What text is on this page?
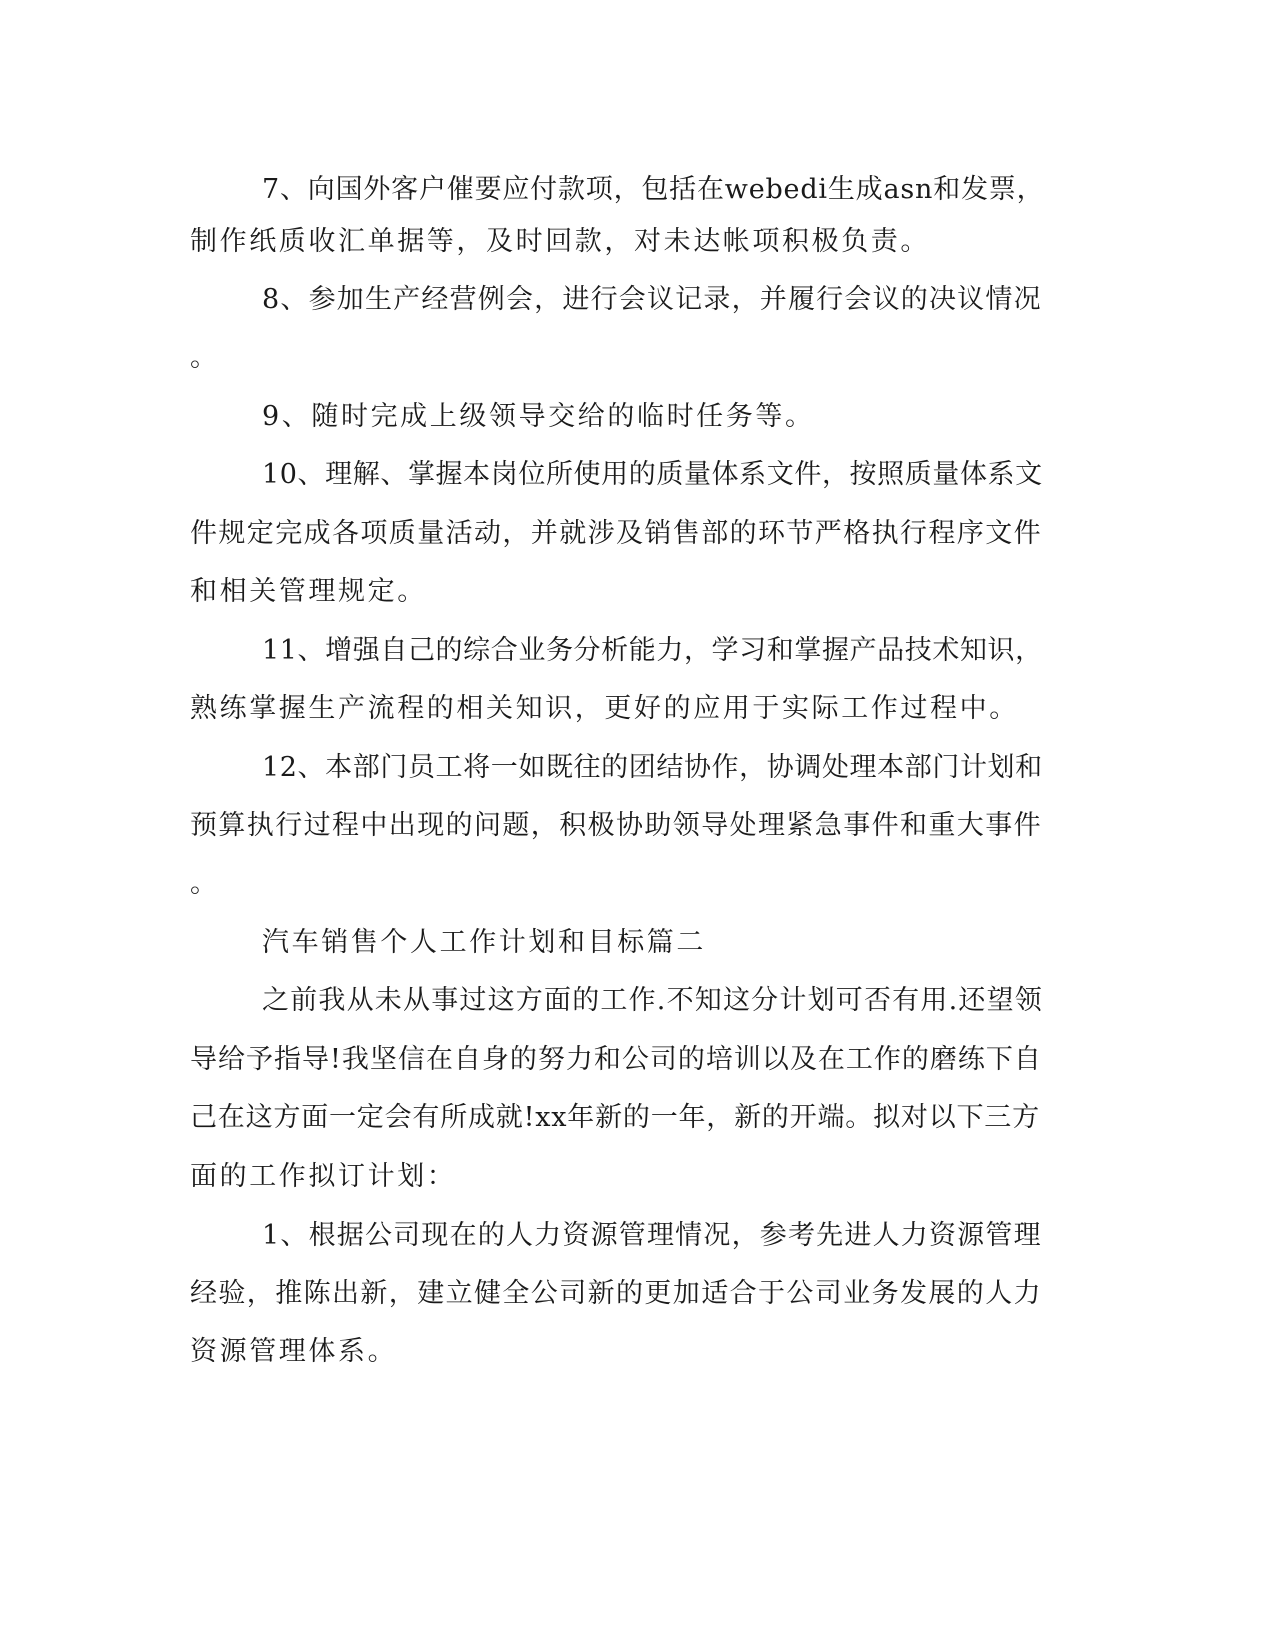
7、向国外客户催要应付款项，包括在webedi生成asn和发票，

制作纸质收汇单据等，及时回款，对未达帐项积极负责。

8、参加生产经营例会，进行会议记录，并履行会议的决议情况

。

9、随时完成上级领导交给的临时任务等。

10、理解、掌握本岗位所使用的质量体系文件，按照质量体系文

件规定完成各项质量活动，并就涉及销售部的环节严格执行程序文件

和相关管理规定。

11、增强自己的综合业务分析能力，学习和掌握产品技术知识，

熟练掌握生产流程的相关知识，更好的应用于实际工作过程中。

12、本部门员工将一如既往的团结协作，协调处理本部门计划和

预算执行过程中出现的问题，积极协助领导处理紧急事件和重大事件

。

汽车销售个人工作计划和目标篇二

之前我从未从事过这方面的工作.不知这分计划可否有用.还望领

导给予指导!我坚信在自身的努力和公司的培训以及在工作的磨练下自

己在这方面一定会有所成就!xx年新的一年，新的开端。拟对以下三方

面的工作拟订计划：

1、根据公司现在的人力资源管理情况，参考先进人力资源管理

经验，推陈出新，建立健全公司新的更加适合于公司业务发展的人力

资源管理体系。
